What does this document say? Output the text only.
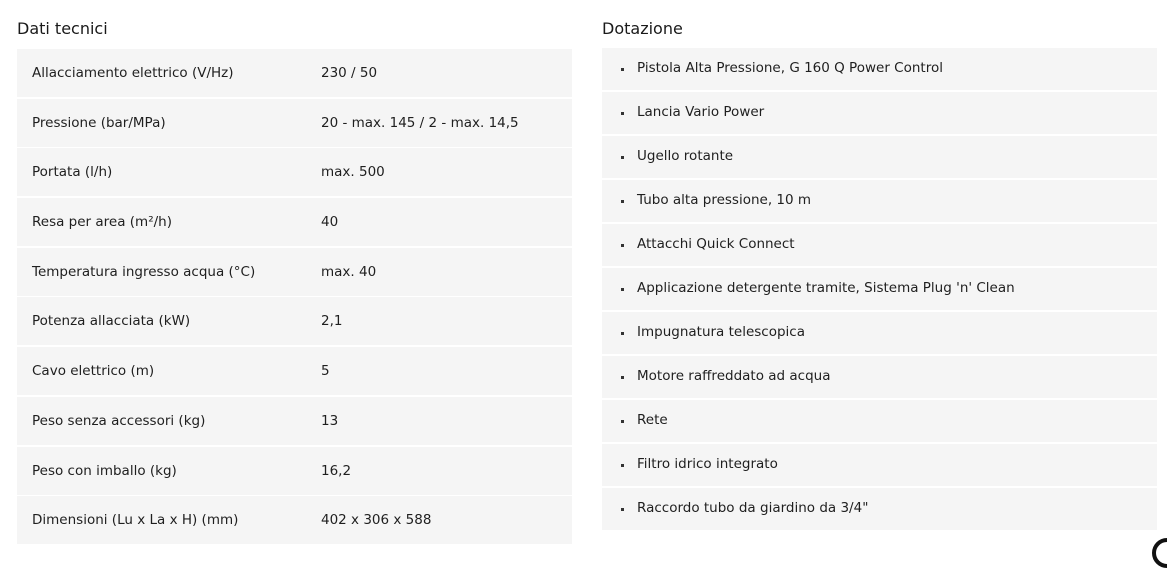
Dati tecnici
Allacciamento elettrico (V/Hz)	230 / 50
Pressione (bar/MPa)	20 - max. 145 / 2 - max. 14,5
Portata (l/h)	max. 500
Resa per area (m²/h)	40
Temperatura ingresso acqua (°C)	max. 40
Potenza allacciata (kW)	2,1
Cavo elettrico (m)	5
Peso senza accessori (kg)	13
Peso con imballo (kg)	16,2
Dimensioni (Lu x La x H) (mm)	402 x 306 x 588
Dotazione
Pistola Alta Pressione, G 160 Q Power Control
Lancia Vario Power
Ugello rotante
Tubo alta pressione, 10 m
Attacchi Quick Connect
Applicazione detergente tramite, Sistema Plug 'n' Clean
Impugnatura telescopica
Motore raffreddato ad acqua
Rete
Filtro idrico integrato
Raccordo tubo da giardino da 3/4"
